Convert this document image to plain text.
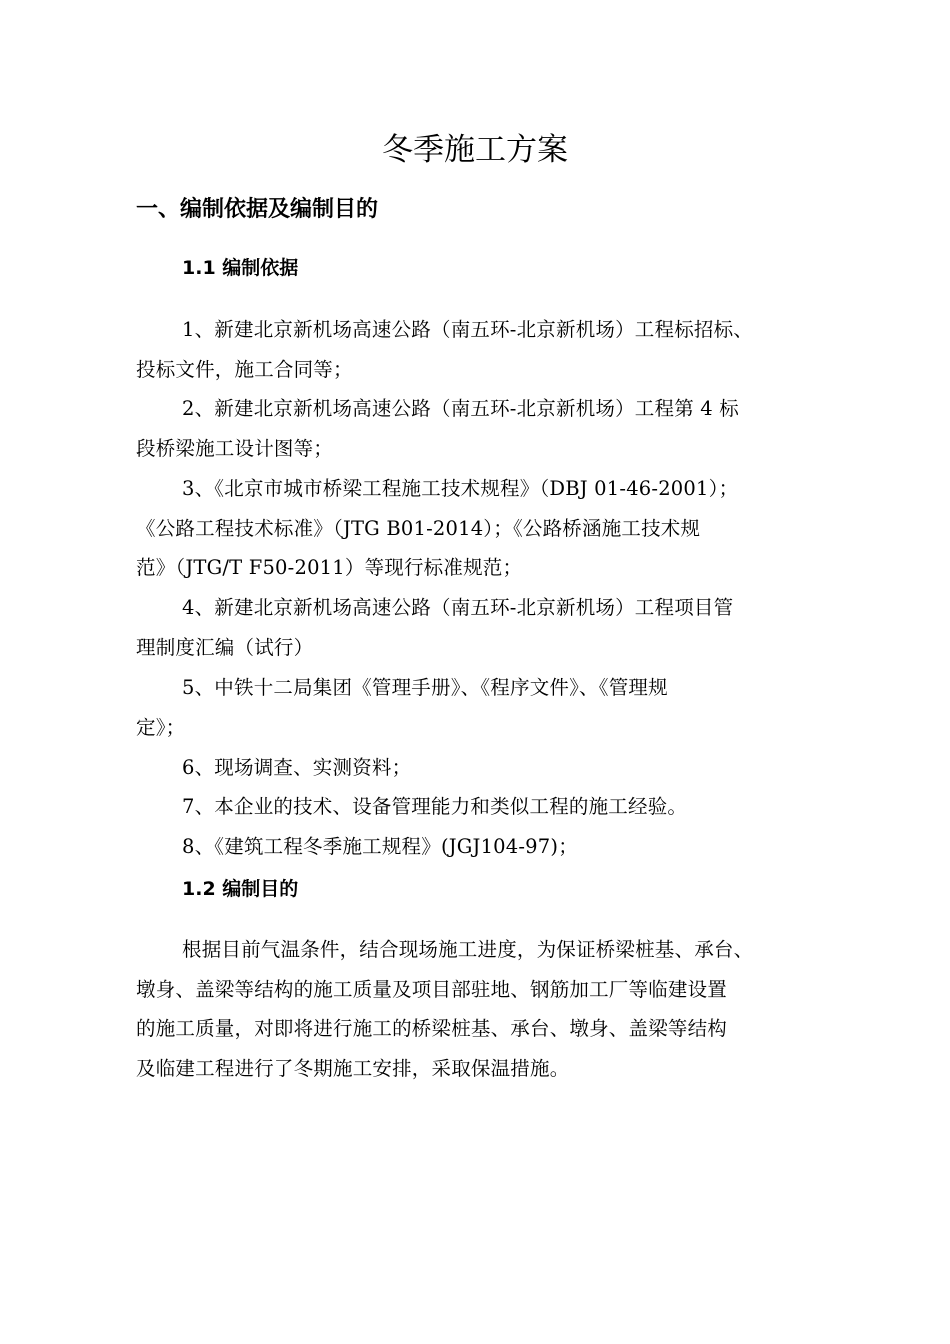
冬季施工方案
一、编制依据及编制目的
1.1 编制依据

1、新建北京新机场高速公路（南五环-北京新机场）工程标招标、
投标文件，施工合同等；

2、新建北京新机场高速公路（南五环-北京新机场）工程第 4 标
段桥梁施工设计图等；

3、《北京市城市桥梁工程施工技术规程》（DBJ 01-46-2001）；
《公路工程技术标准》（JTG B01-2014）；《公路桥涵施工技术规
范》（JTG/T F50-2011）等现行标准规范；

4、新建北京新机场高速公路（南五环-北京新机场）工程项目管
理制度汇编（试行）

5、中铁十二局集团《管理手册》、《程序文件》、《管理规
定》；

6、现场调查、实测资料；

7、本企业的技术、设备管理能力和类似工程的施工经验。

8、《建筑工程冬季施工规程》(JGJ104-97)；

1.2 编制目的

根据目前气温条件，结合现场施工进度，为保证桥梁桩基、承台、
墩身、盖梁等结构的施工质量及项目部驻地、钢筋加工厂等临建设置
的施工质量，对即将进行施工的桥梁桩基、承台、墩身、盖梁等结构
及临建工程进行了冬期施工安排，采取保温措施。
